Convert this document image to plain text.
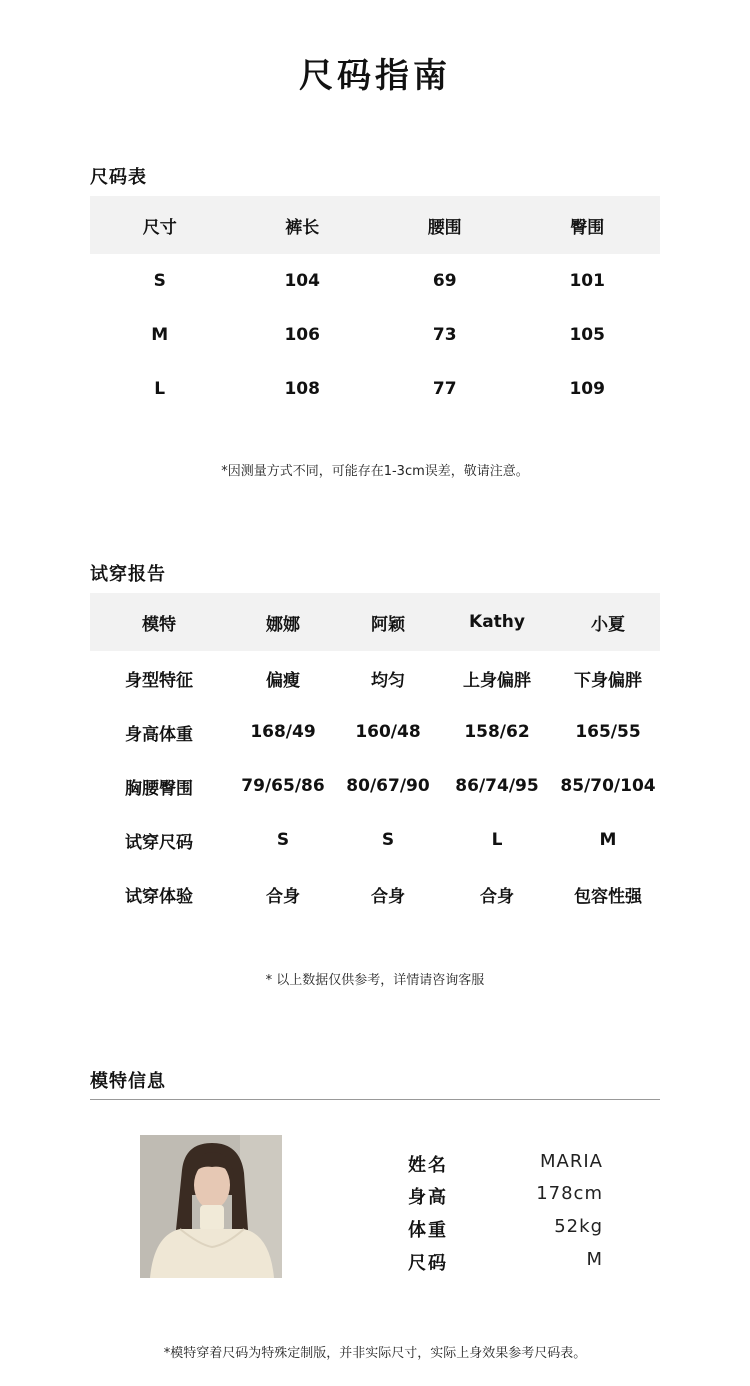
尺码指南
尺码表
尺寸	裤长	腰围	臀围
S	104	69	101
M	106	73	105
L	108	77	109
*因测量方式不同，可能存在1-3cm误差，敬请注意。
试穿报告
模特	娜娜	阿颖	Kathy	小夏
身型特征	偏瘦	均匀	上身偏胖	下身偏胖
身高体重	168/49	160/48	158/62	165/55
胸腰臀围	79/65/86	80/67/90	86/74/95	85/70/104
试穿尺码	S	S	L	M
试穿体验	合身	合身	合身	包容性强
* 以上数据仅供参考，详情请咨询客服
模特信息
姓名	MARIA
身高	178cm
体重	52kg
尺码	M
*模特穿着尺码为特殊定制版，并非实际尺寸，实际上身效果参考尺码表。
